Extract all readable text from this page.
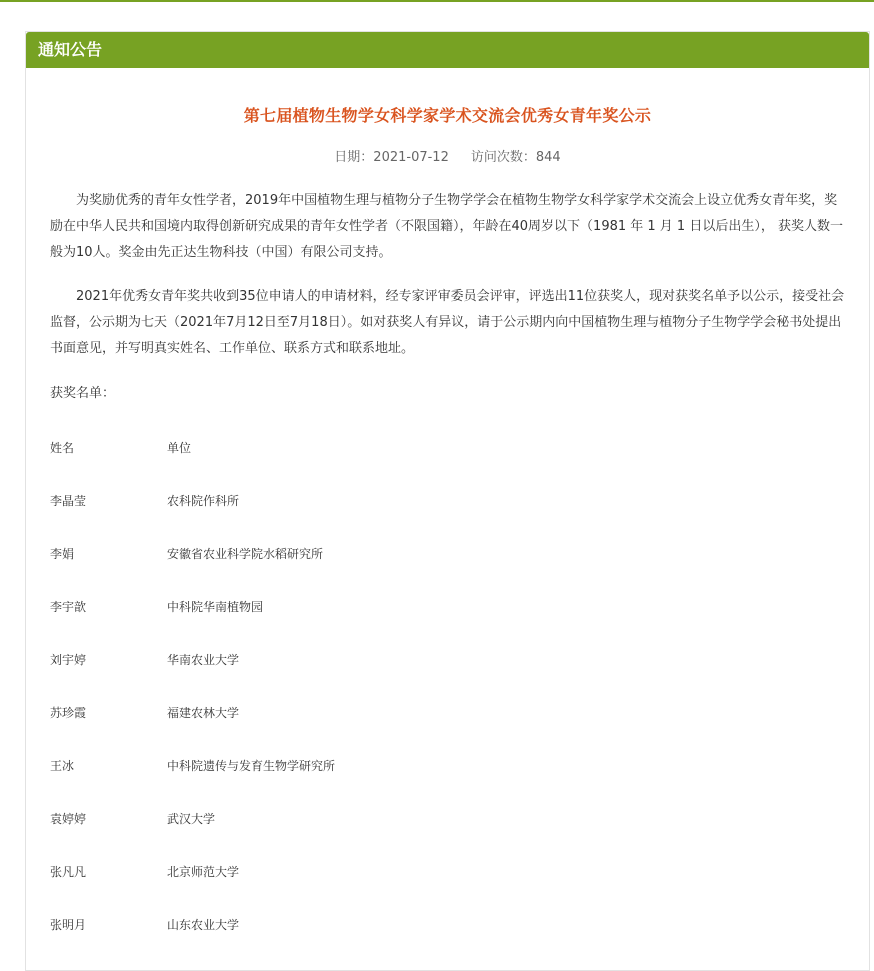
通知公告
第七届植物生物学女科学家学术交流会优秀女青年奖公示
日期：2021-07-12 访问次数：844
为奖励优秀的青年女性学者，2019年中国植物生理与植物分子生物学学会在植物生物学女科学家学术交流会上设立优秀女青年奖，奖励在中华人民共和国境内取得创新研究成果的青年女性学者（不限国籍），年龄在40周岁以下（1981 年 1 月 1 日以后出生）， 获奖人数一般为10人。奖金由先正达生物科技（中国）有限公司支持。
2021年优秀女青年奖共收到35位申请人的申请材料，经专家评审委员会评审，评选出11位获奖人，现对获奖名单予以公示，接受社会监督，公示期为七天（2021年7月12日至7月18日）。如对获奖人有异议，请于公示期内向中国植物生理与植物分子生物学学会秘书处提出书面意见，并写明真实姓名、工作单位、联系方式和联系地址。
获奖名单：
姓名	单位
李晶莹	农科院作科所
李娟	安徽省农业科学院水稻研究所
李宇歆	中科院华南植物园
刘宇婷	华南农业大学
苏珍霞	福建农林大学
王冰	中科院遗传与发育生物学研究所
袁婷婷	武汉大学
张凡凡	北京师范大学
张明月	山东农业大学
